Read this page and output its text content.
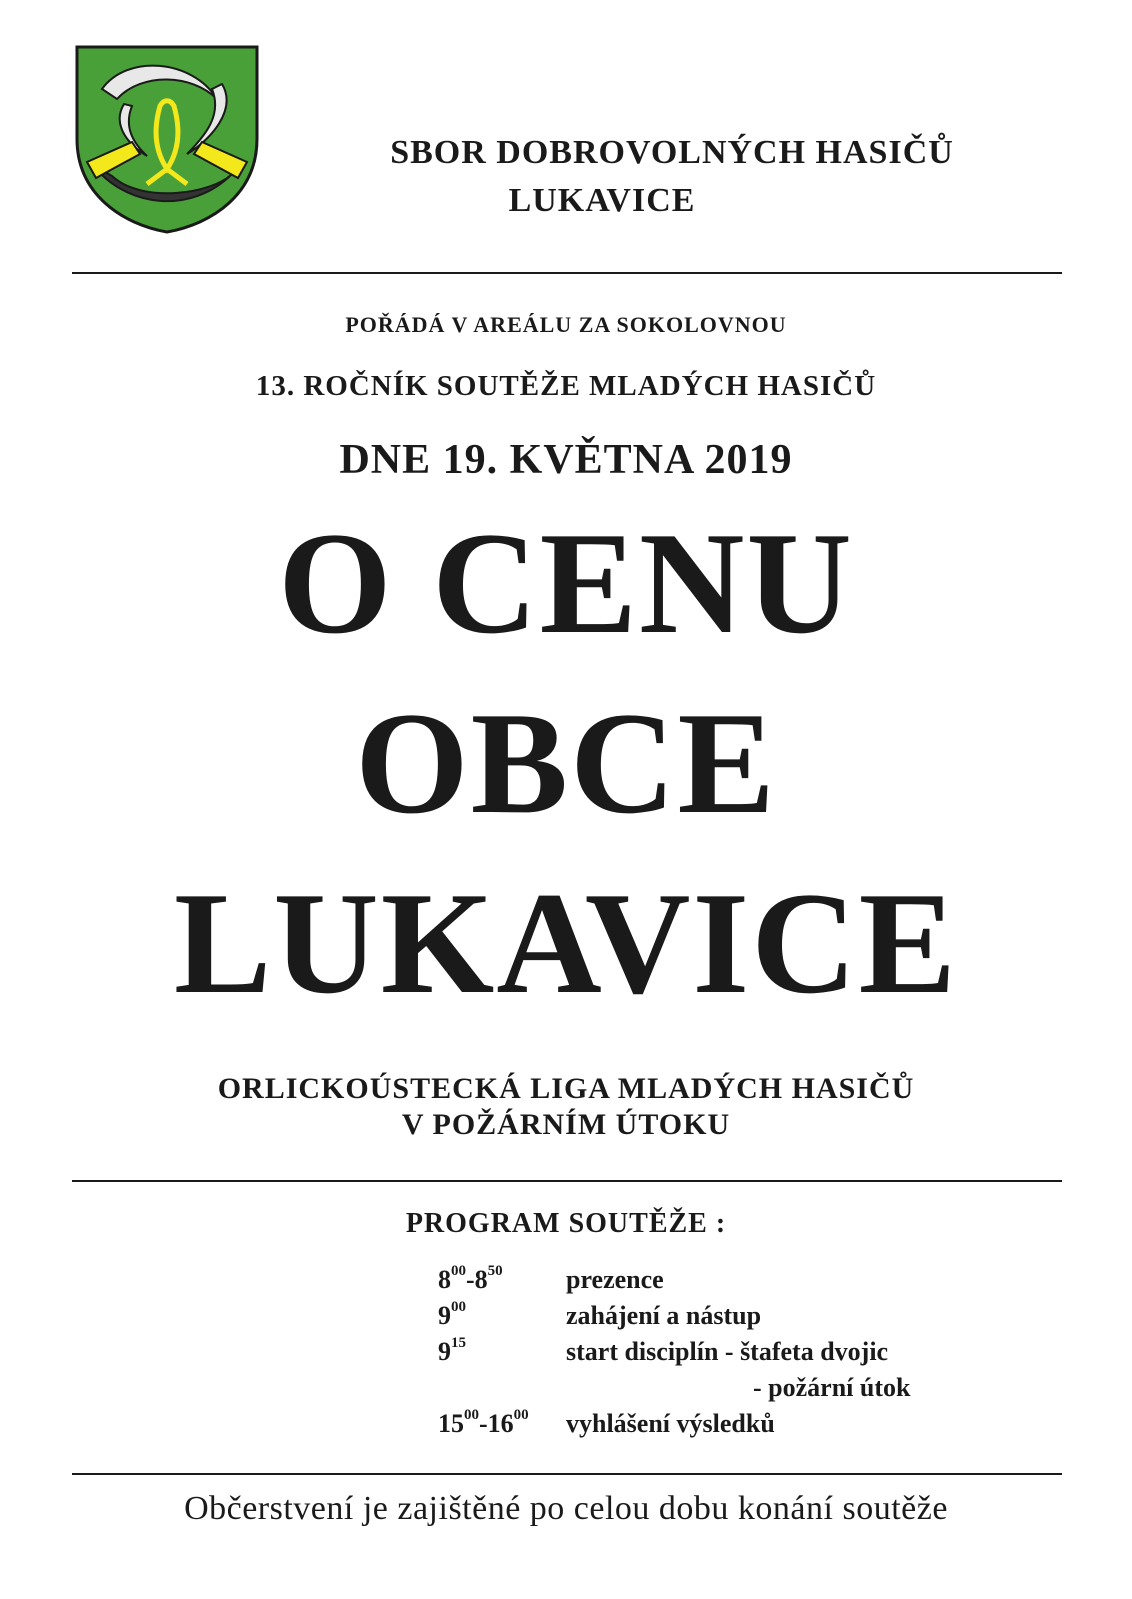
SBOR DOBROVOLNÝCH HASIČŮ
LUKAVICE
POŘÁDÁ V AREÁLU ZA SOKOLOVNOU
13. ROČNÍK SOUTĚŽE MLADÝCH HASIČŮ
DNE 19. KVĚTNA 2019
O CENU
OBCE
LUKAVICE
ORLICKOÚSTECKÁ LIGA MLADÝCH HASIČŮ
V POŽÁRNÍM ÚTOKU
PROGRAM SOUTĚŽE :
$8^{00}-8^{50}$ prezence
$9^{00}$	zahájení a nástup
$9^{15}$	start disciplín - štafeta dvojic
- požární útok
$15^{00}-16^{00}$ vyhlášení výsledků
Občerstvení je zajištěné po celou dobu konání soutěže
